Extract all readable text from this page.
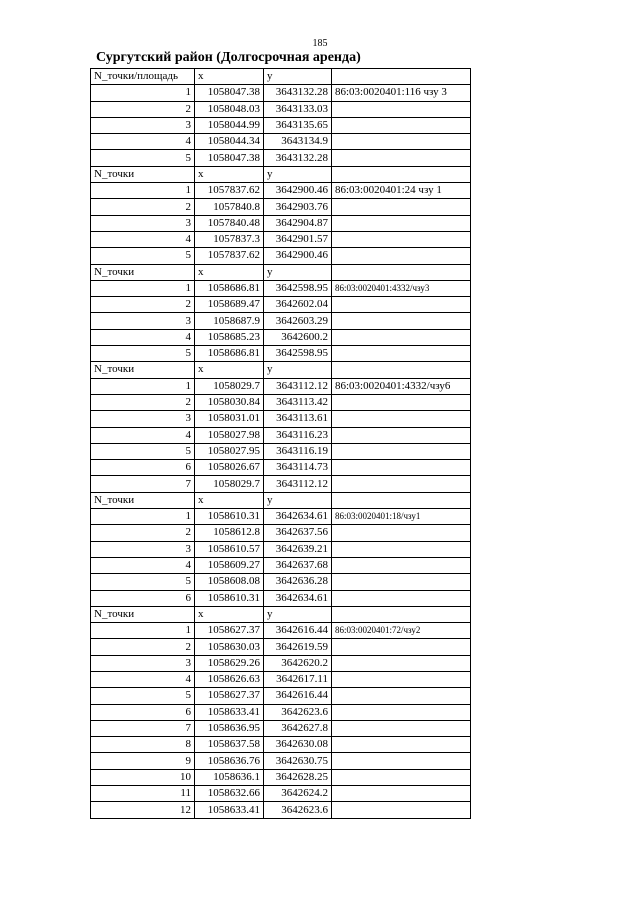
185
Сургутский район (Долгосрочная аренда)
N_точки/площадь	x	y	
1	1058047.38	3643132.28	86:03:0020401:116 чзу 3
2	1058048.03	3643133.03	
3	1058044.99	3643135.65	
4	1058044.34	3643134.9	
5	1058047.38	3643132.28	
N_точки	x	y	
1	1057837.62	3642900.46	86:03:0020401:24 чзу 1
2	1057840.8	3642903.76	
3	1057840.48	3642904.87	
4	1057837.3	3642901.57	
5	1057837.62	3642900.46	
N_точки	x	y	
1	1058686.81	3642598.95	86:03:0020401:4332/чзу3
2	1058689.47	3642602.04	
3	1058687.9	3642603.29	
4	1058685.23	3642600.2	
5	1058686.81	3642598.95	
N_точки	x	y	
1	1058029.7	3643112.12	86:03:0020401:4332/чзу6
2	1058030.84	3643113.42	
3	1058031.01	3643113.61	
4	1058027.98	3643116.23	
5	1058027.95	3643116.19	
6	1058026.67	3643114.73	
7	1058029.7	3643112.12	
N_точки	x	y	
1	1058610.31	3642634.61	86:03:0020401:18/чзу1
2	1058612.8	3642637.56	
3	1058610.57	3642639.21	
4	1058609.27	3642637.68	
5	1058608.08	3642636.28	
6	1058610.31	3642634.61	
N_точки	x	y	
1	1058627.37	3642616.44	86:03:0020401:72/чзу2
2	1058630.03	3642619.59	
3	1058629.26	3642620.2	
4	1058626.63	3642617.11	
5	1058627.37	3642616.44	
6	1058633.41	3642623.6	
7	1058636.95	3642627.8	
8	1058637.58	3642630.08	
9	1058636.76	3642630.75	
10	1058636.1	3642628.25	
11	1058632.66	3642624.2	
12	1058633.41	3642623.6	
